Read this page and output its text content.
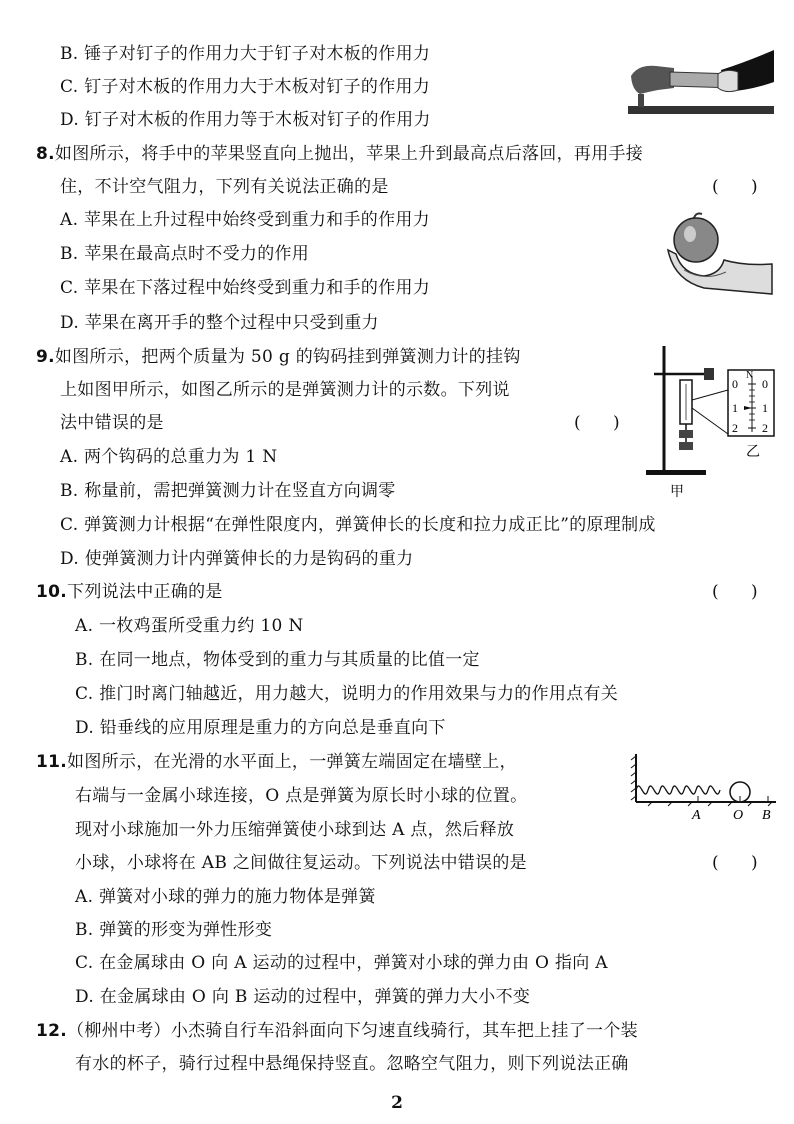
B. 锤子对钉子的作用力大于钉子对木板的作用力
C. 钉子对木板的作用力大于木板对钉子的作用力
D. 钉子对木板的作用力等于木板对钉子的作用力
8.如图所示，将手中的苹果竖直向上抛出，苹果上升到最高点后落回，再用手接
住，不计空气阻力，下列有关说法正确的是	(      )
A. 苹果在上升过程中始终受到重力和手的作用力
B. 苹果在最高点时不受力的作用
C. 苹果在下落过程中始终受到重力和手的作用力
D. 苹果在离开手的整个过程中只受到重力
9.如图所示，把两个质量为 50 g 的钩码挂到弹簧测力计的挂钩
上如图甲所示，如图乙所示的是弹簧测力计的示数。下列说
法中错误的是	(      )
A. 两个钩码的总重力为 1 N
B. 称量前，需把弹簧测力计在竖直方向调零
C. 弹簧测力计根据“在弹性限度内，弹簧伸长的长度和拉力成正比”的原理制成
D. 使弹簧测力计内弹簧伸长的力是钩码的重力
N
0
1
2
0
1
2
乙
甲
10.下列说法中正确的是	(      )
A. 一枚鸡蛋所受重力约 10 N
B. 在同一地点，物体受到的重力与其质量的比值一定
C. 推门时离门轴越近，用力越大，说明力的作用效果与力的作用点有关
D. 铅垂线的应用原理是重力的方向总是垂直向下
11.如图所示，在光滑的水平面上，一弹簧左端固定在墙壁上，
右端与一金属小球连接，O 点是弹簧为原长时小球的位置。
现对小球施加一外力压缩弹簧使小球到达 A 点，然后释放
小球，小球将在 AB 之间做往复运动。下列说法中错误的是	(      )
A. 弹簧对小球的弹力的施力物体是弹簧
B. 弹簧的形变为弹性形变
C. 在金属球由 O 向 A 运动的过程中，弹簧对小球的弹力由 O 指向 A
D. 在金属球由 O 向 B 运动的过程中，弹簧的弹力大小不变
A O B
12.（柳州中考）小杰骑自行车沿斜面向下匀速直线骑行，其车把上挂了一个装
有水的杯子，骑行过程中悬绳保持竖直。忽略空气阻力，则下列说法正确
2
